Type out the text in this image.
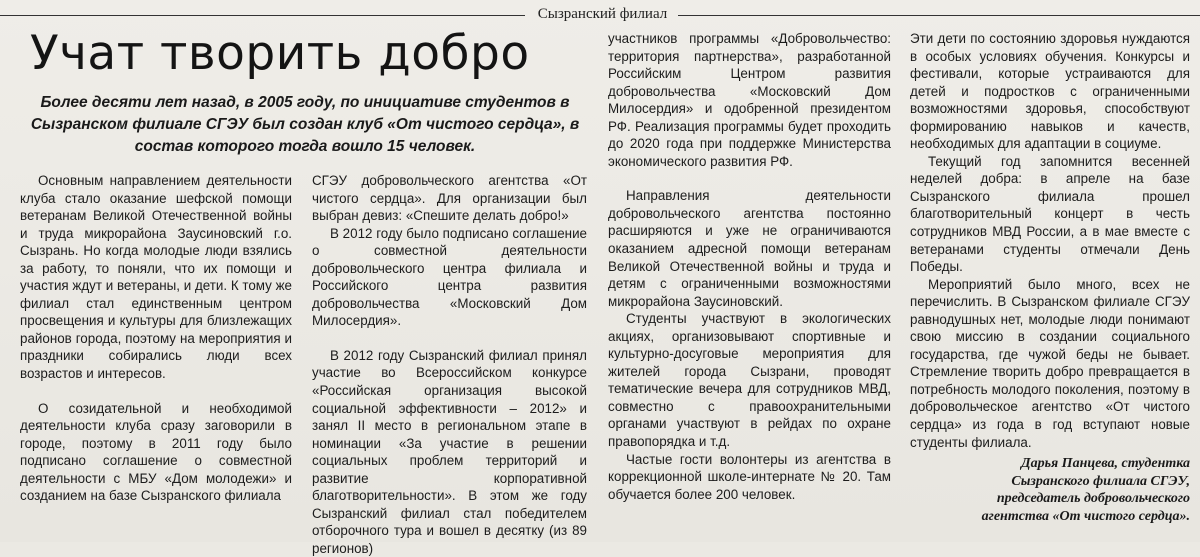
Сызранский филиал
Учат творить добро

Более десяти лет назад, в 2005 году, по инициативе студентов в Сызранском филиале СГЭУ был создан клуб «От чистого сердца», в состав которого тогда вошло 15 человек.

Основным направлением деятельности клуба стало оказание шефской помощи ветеранам Великой Отечественной войны и труда микрорайона Заусиновский г.о. Сызрань. Но когда молодые люди взялись за работу, то поняли, что их помощи и участия ждут и ветераны, и дети. К тому же филиал стал единственным центром просвещения и культуры для близлежащих районов города, поэтому на мероприятия и праздники собирались люди всех возрастов и интересов.

О созидательной и необходимой деятельности клуба сразу заговорили в городе, поэтому в 2011 году было подписано соглашение о совместной деятельности с МБУ «Дом молодежи» и созданием на базе Сызранского филиала

СГЭУ добровольческого агентства «От чистого сердца». Для организации был выбран девиз: «Спешите делать добро!»

В 2012 году было подписано соглашение о совместной деятельности добровольческого центра филиала и Российского центра развития добровольчества «Московский Дом Милосердия».

В 2012 году Сызранский филиал принял участие во Всероссийском конкурсе «Российская организация высокой социальной эффективности – 2012» и занял II место в региональном этапе в номинации «За участие в решении социальных проблем территорий и развитие корпоративной благотворительности». В этом же году Сызранский филиал стал победителем отборочного тура и вошел в десятку (из 89 регионов)

участников программы «Добровольчество: территория партнерства», разработанной Российским Центром развития добровольчества «Московский Дом Милосердия» и одобренной президентом РФ. Реализация программы будет проходить до 2020 года при поддержке Министерства экономического развития РФ.

Направления деятельности добровольческого агентства постоянно расширяются и уже не ограничиваются оказанием адресной помощи ветеранам Великой Отечественной войны и труда и детям с ограниченными возможностями микрорайона Заусиновский.

Студенты участвуют в экологических акциях, организовывают спортивные и культурно-досуговые мероприятия для жителей города Сызрани, проводят тематические вечера для сотрудников МВД, совместно с правоохранительными органами участвуют в рейдах по охране правопорядка и т.д.

Частые гости волонтеры из агентства в коррекционной школе-интернате № 20. Там обучается более 200 человек.

Эти дети по состоянию здоровья нуждаются в особых условиях обучения. Конкурсы и фестивали, которые устраиваются для детей и подростков с ограниченными возможностями здоровья, способствуют формированию навыков и качеств, необходимых для адаптации в социуме.

Текущий год запомнится весенней неделей добра: в апреле на базе Сызранского филиала прошел благотворительный концерт в честь сотрудников МВД России, а в мае вместе с ветеранами студенты отмечали День Победы.

Мероприятий было много, всех не перечислить. В Сызранском филиале СГЭУ равнодушных нет, молодые люди понимают свою миссию в создании социального государства, где чужой беды не бывает. Стремление творить добро превращается в потребность молодого поколения, поэтому в добровольческое агентство «От чистого сердца» из года в год вступают новые студенты филиала.

Дарья Панцева, студентка
Сызранского филиала СГЭУ,
председатель добровольческого
агентства «От чистого сердца».
